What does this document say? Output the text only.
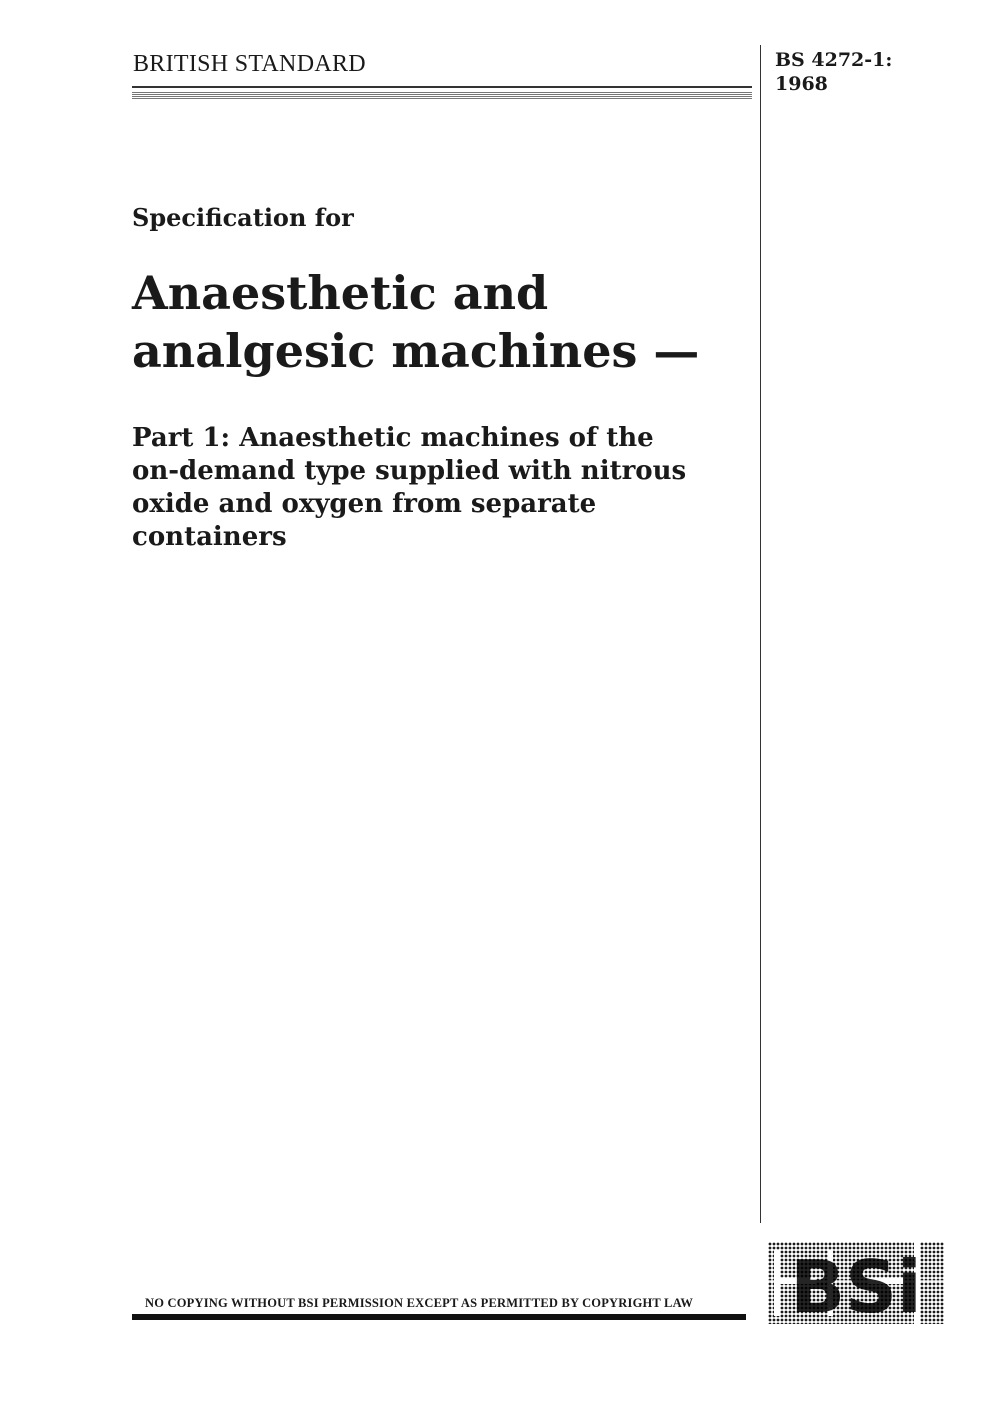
BRITISH STANDARD	BS 4272-1:
1968
Specification for
Anaesthetic and
analgesic machines —
Part 1: Anaesthetic machines of the
on-demand type supplied with nitrous
oxide and oxygen from separate
containers
NO COPYING WITHOUT BSI PERMISSION EXCEPT AS PERMITTED BY COPYRIGHT LAW BSi
